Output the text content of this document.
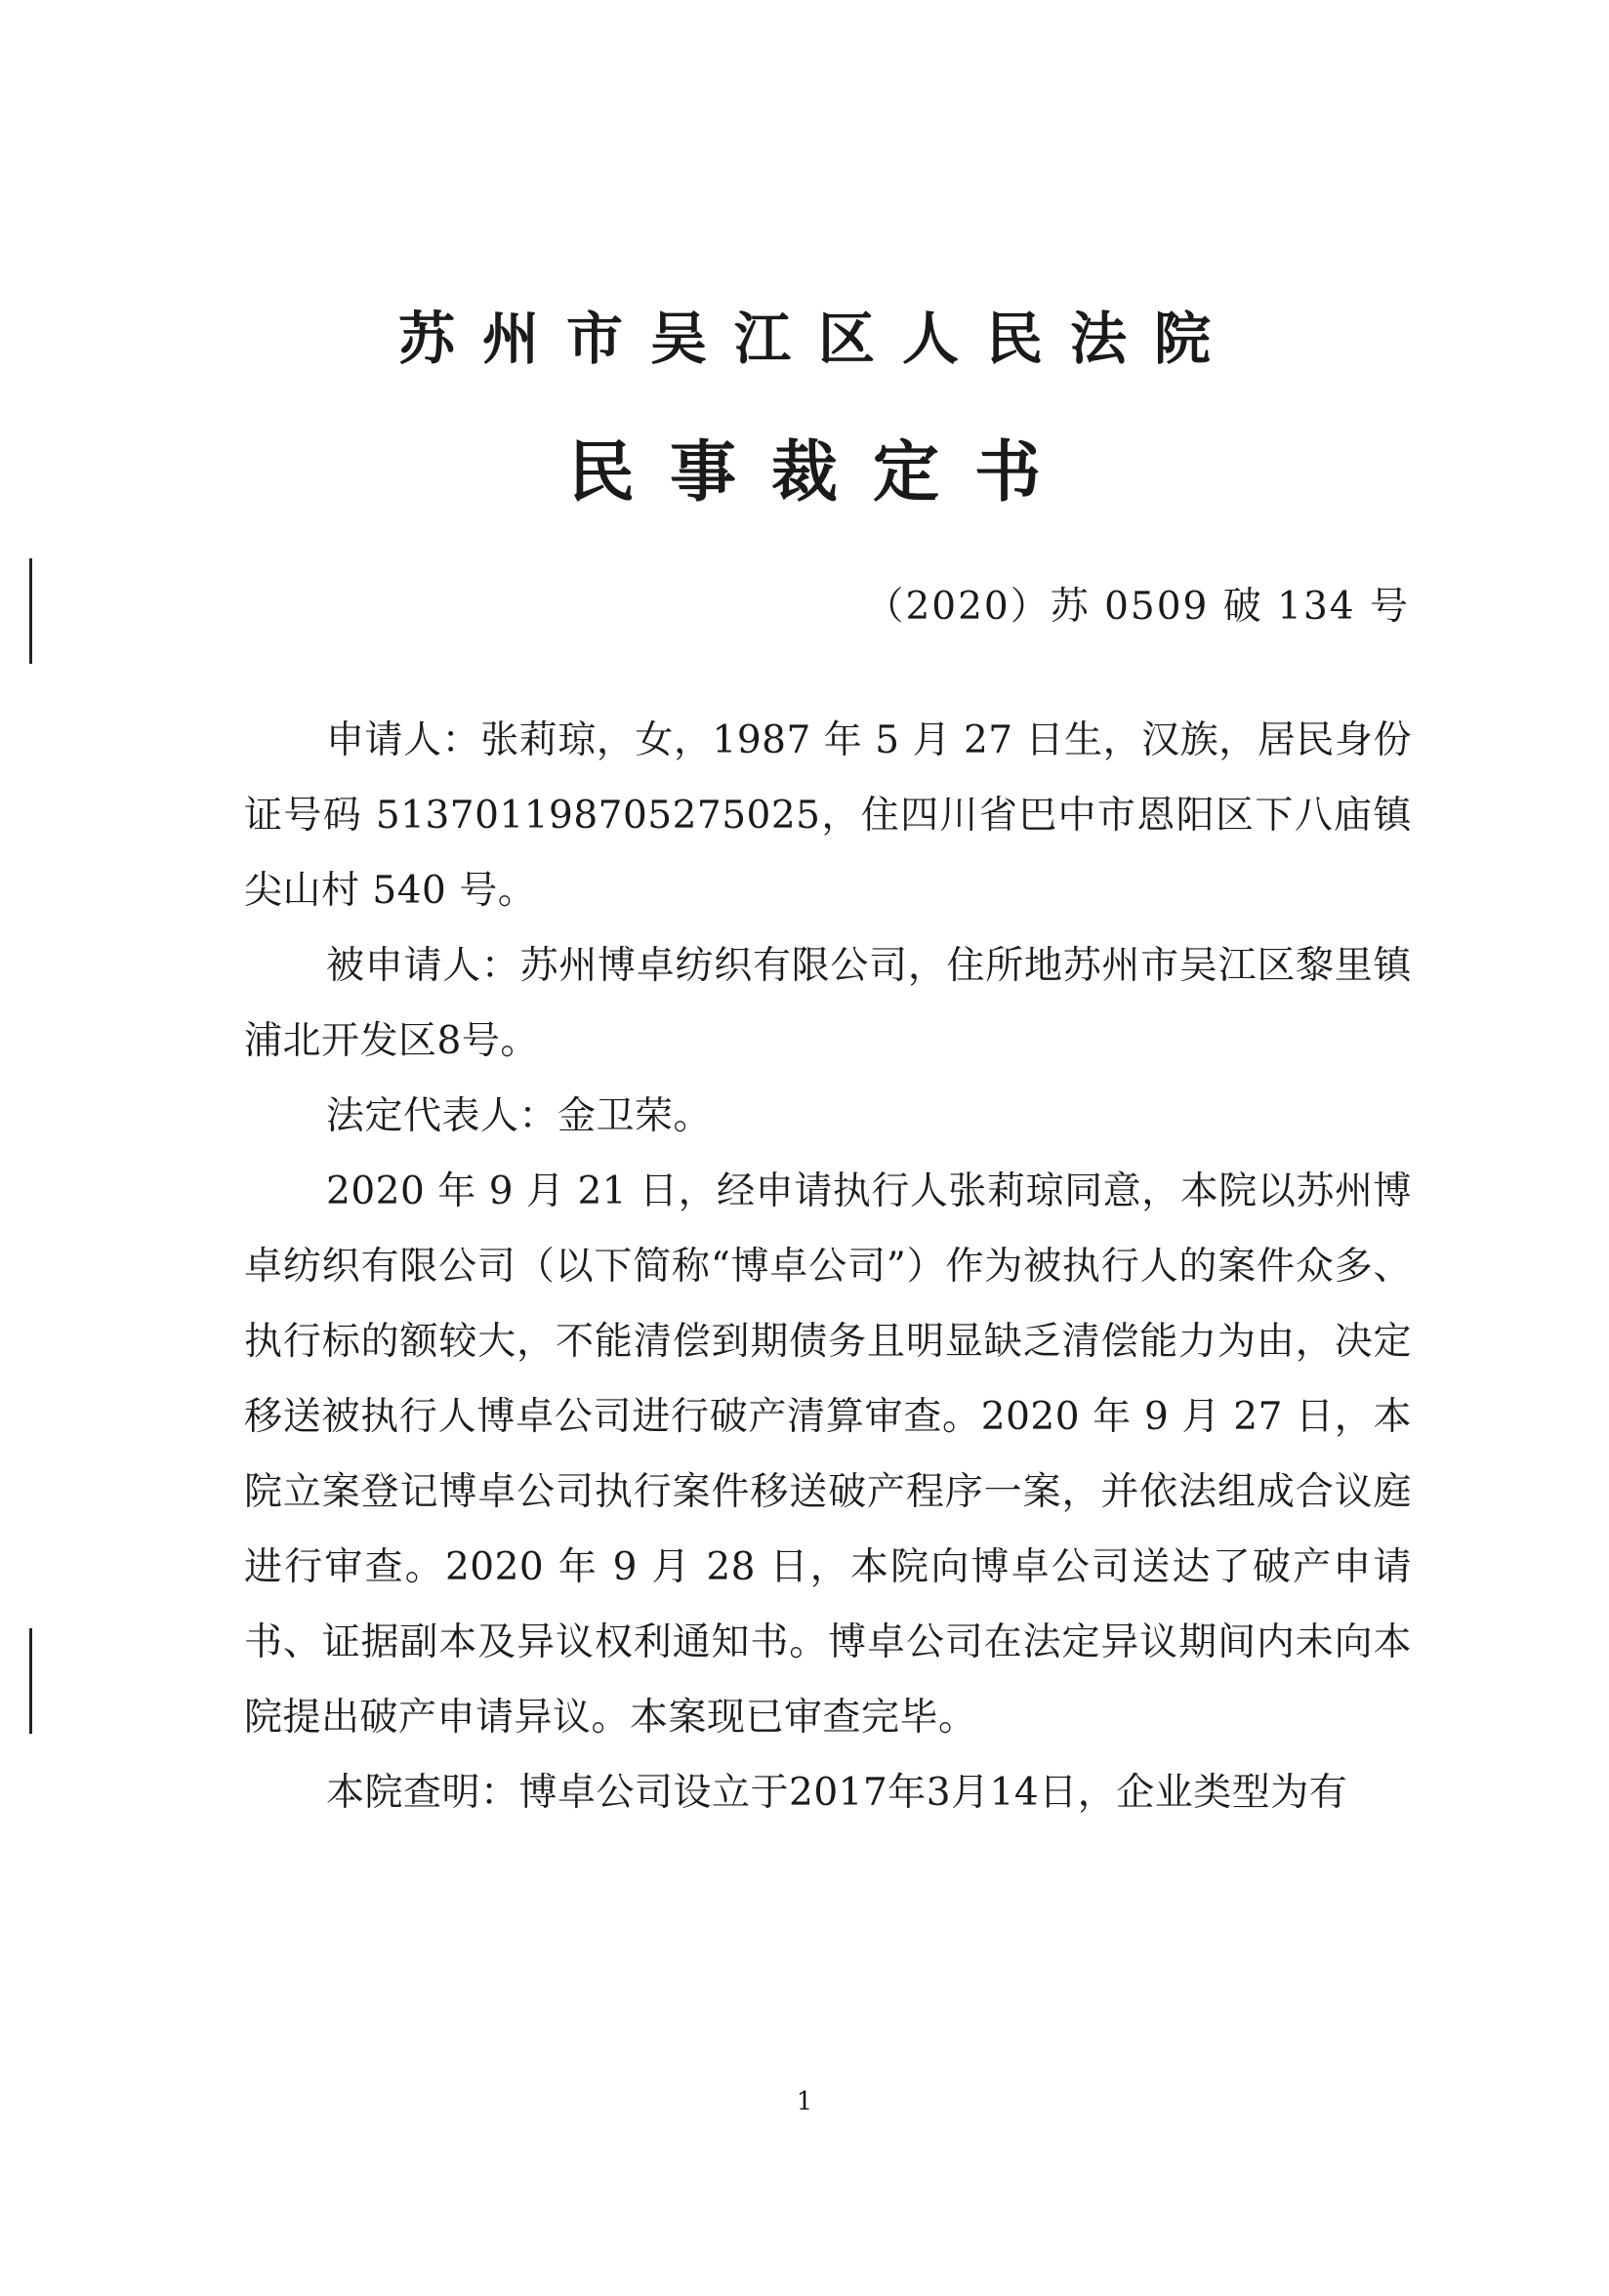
苏州市吴江区人民法院
民事裁定书

（2020）苏 0509 破 134 号

申请人：张莉琼，女，1987 年 5 月 27 日生，汉族，居民身份证号码 513701198705275025，住四川省巴中市恩阳区下八庙镇尖山村 540 号。

被申请人：苏州博卓纺织有限公司，住所地苏州市吴江区黎里镇浦北开发区8号。

法定代表人：金卫荣。

2020 年 9 月 21 日，经申请执行人张莉琼同意，本院以苏州博卓纺织有限公司（以下简称“博卓公司”）作为被执行人的案件众多、执行标的额较大，不能清偿到期债务且明显缺乏清偿能力为由，决定移送被执行人博卓公司进行破产清算审查。2020 年 9 月 27 日，本院立案登记博卓公司执行案件移送破产程序一案，并依法组成合议庭进行审查。2020 年 9 月 28 日，本院向博卓公司送达了破产申请书、证据副本及异议权利通知书。博卓公司在法定异议期间内未向本院提出破产申请异议。本案现已审查完毕。

本院查明：博卓公司设立于2017年3月14日，企业类型为有

1
